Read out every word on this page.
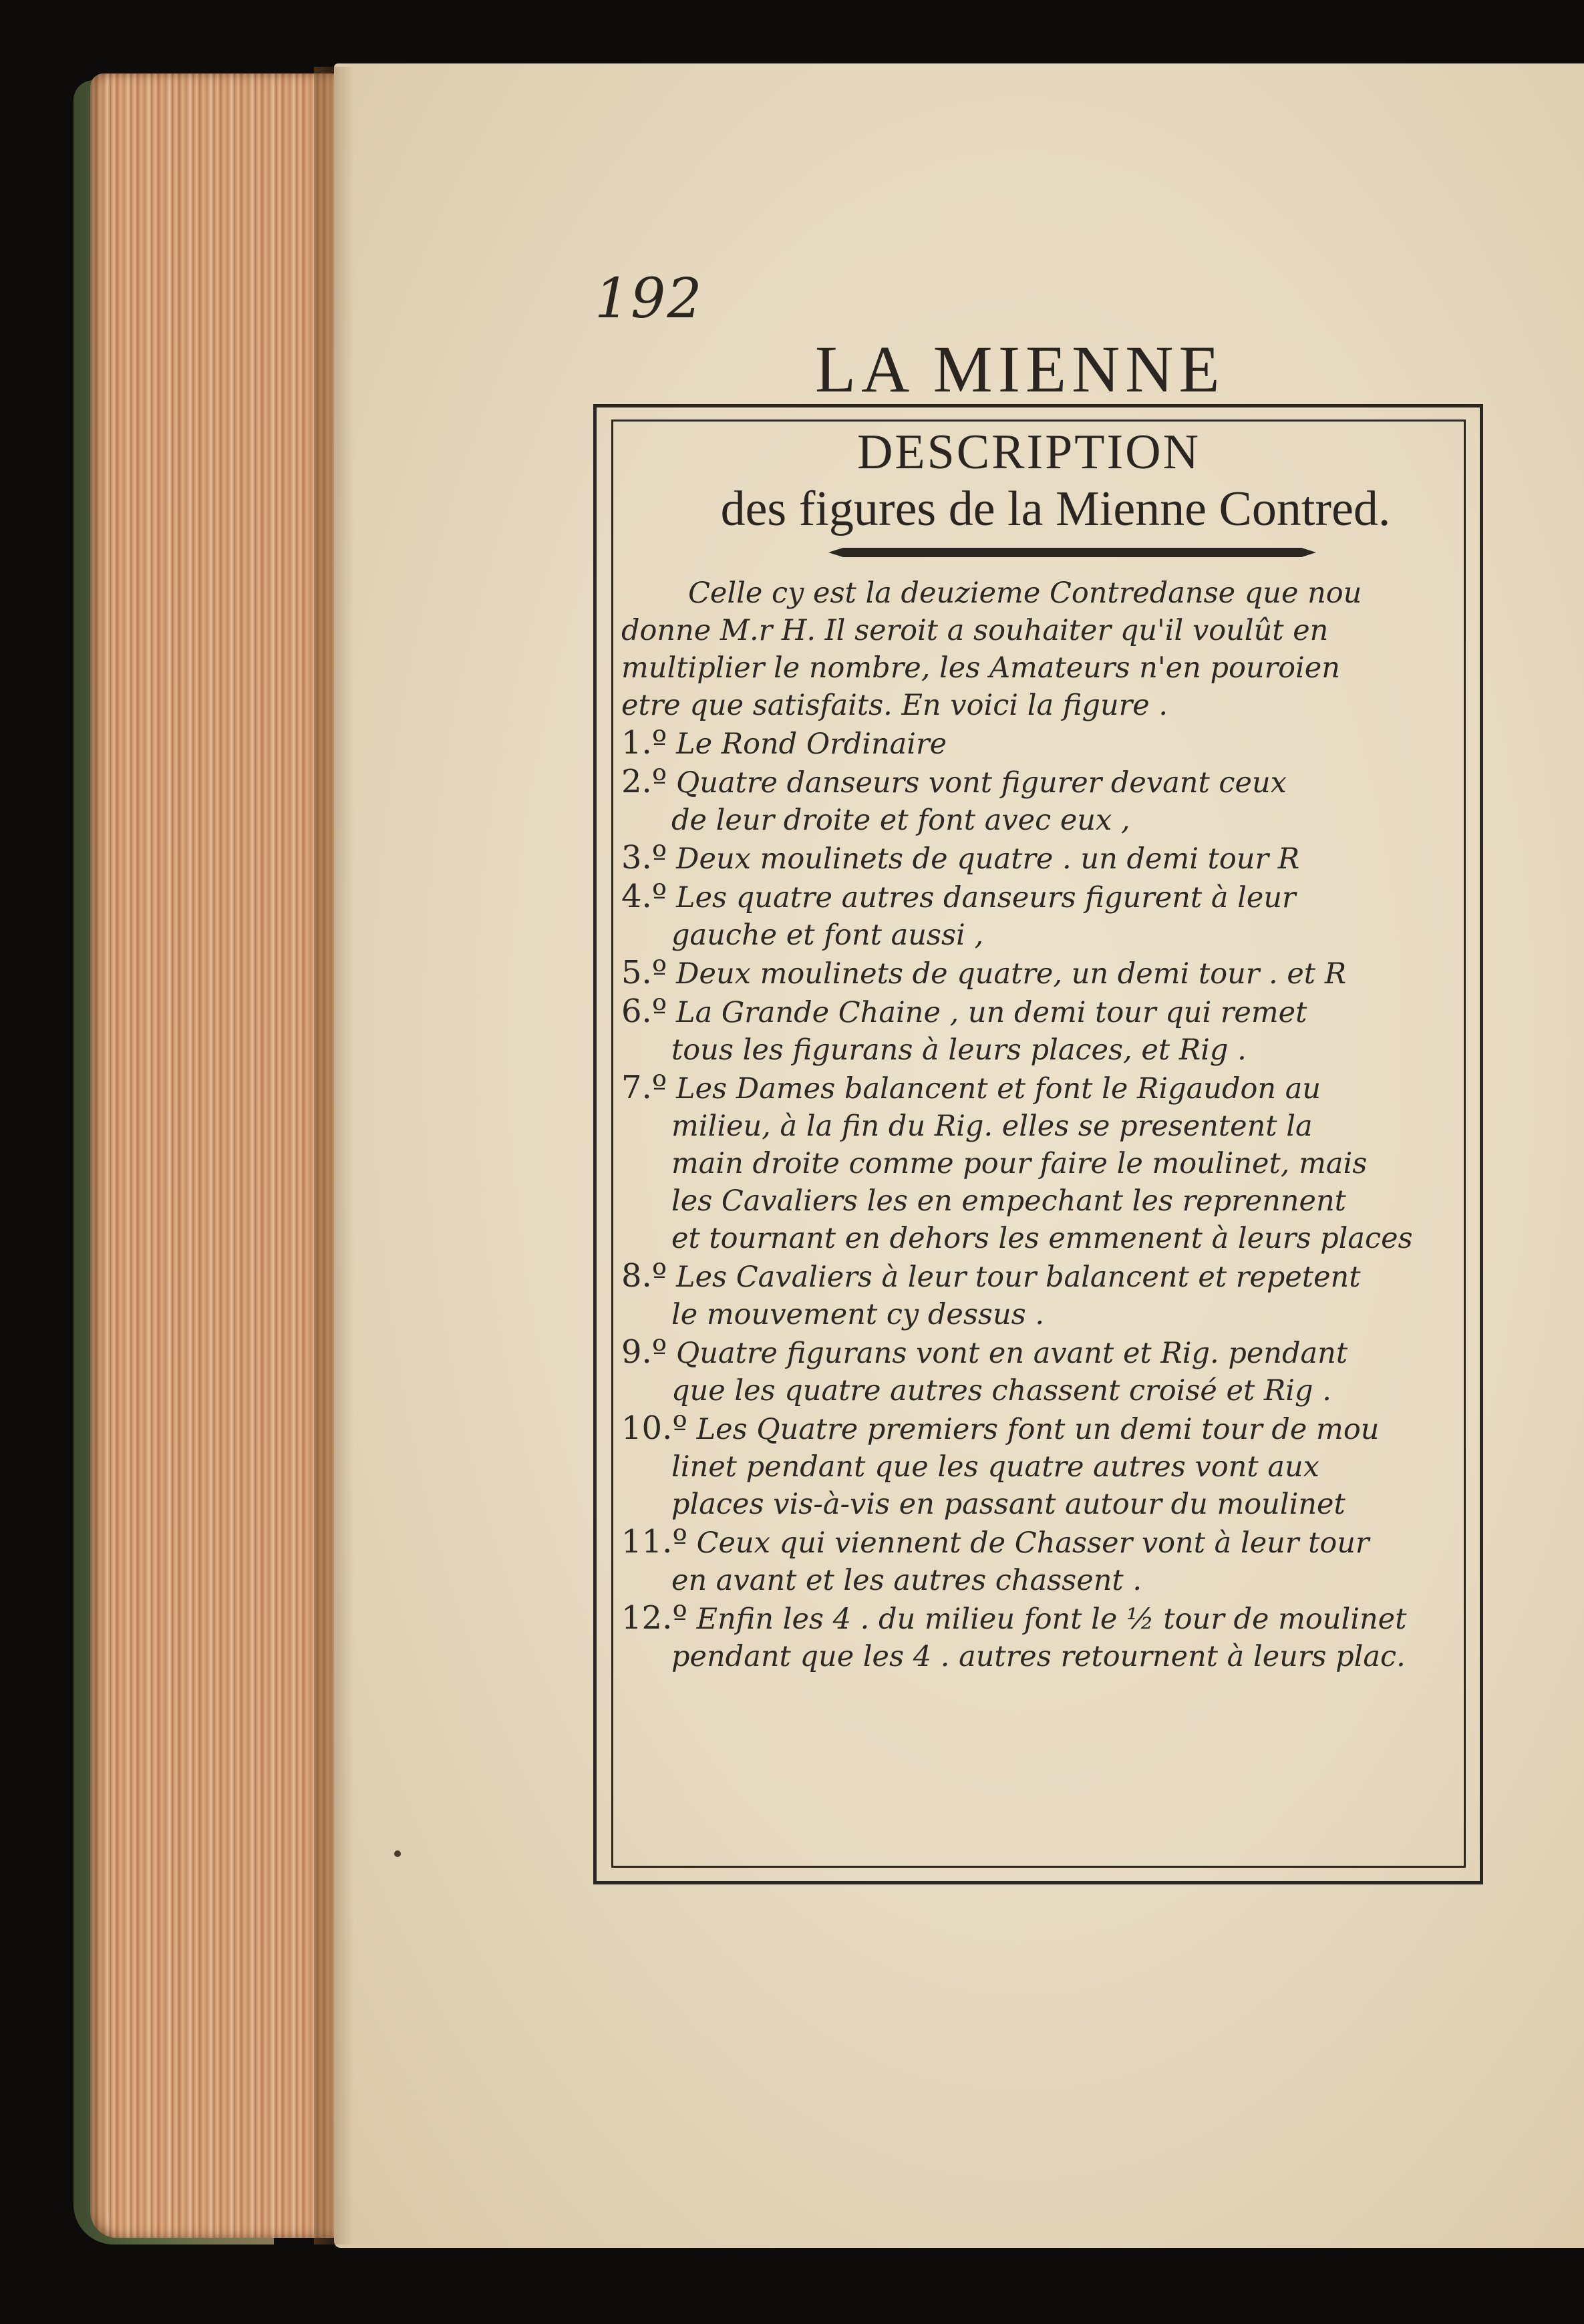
192
LA MIENNE
DESCRIPTION
des figures de la Mienne Contred.
Celle cy est la deuzieme Contredanse que nou
donne M.r H. Il seroit a souhaiter qu'il voulût en
multiplier le nombre, les Amateurs n'en pouroien
etre que satisfaits. En voici la figure .
1.º Le Rond Ordinaire
2.º Quatre danseurs vont figurer devant ceux
de leur droite et font avec eux ,
3.º Deux moulinets de quatre . un demi tour R
4.º Les quatre autres danseurs figurent à leur
gauche et font aussi ,
5.º Deux moulinets de quatre, un demi tour . et R
6.º La Grande Chaine , un demi tour qui remet
tous les figurans à leurs places, et Rig .
7.º Les Dames balancent et font le Rigaudon au
milieu, à la fin du Rig. elles se presentent la
main droite comme pour faire le moulinet, mais
les Cavaliers les en empechant les reprennent
et tournant en dehors les emmenent à leurs places
8.º Les Cavaliers à leur tour balancent et repetent
le mouvement cy dessus .
9.º Quatre figurans vont en avant et Rig. pendant
que les quatre autres chassent croisé et Rig .
10.º Les Quatre premiers font un demi tour de mou
linet pendant que les quatre autres vont aux
places vis-à-vis en passant autour du moulinet
11.º Ceux qui viennent de Chasser vont à leur tour
en avant et les autres chassent .
12.º Enfin les 4 . du milieu font le ½ tour de moulinet
pendant que les 4 . autres retournent à leurs plac.
